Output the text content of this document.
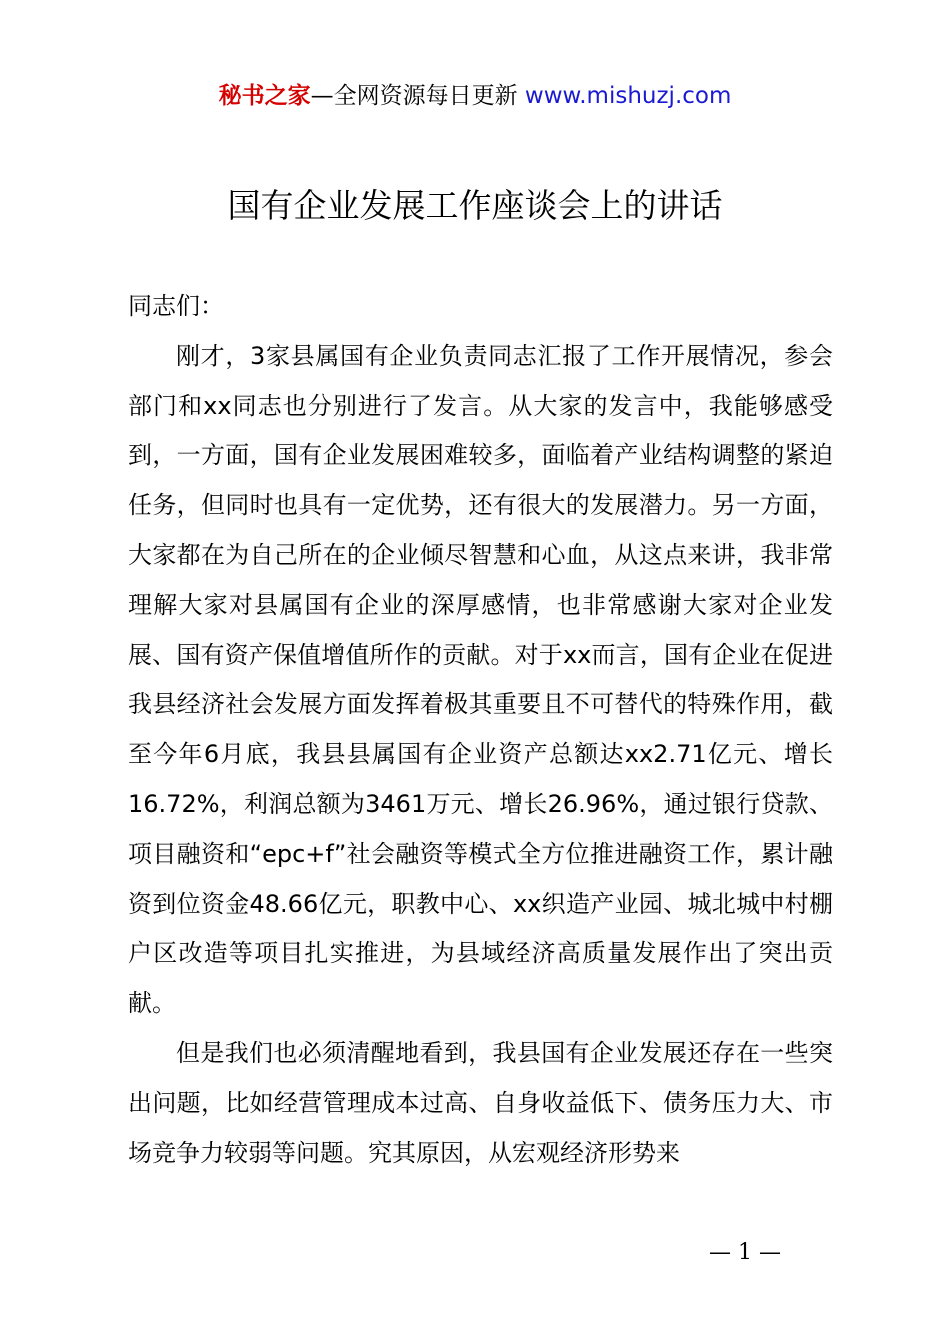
秘书之家—全网资源每日更新 www.mishuzj.com
国有企业发展工作座谈会上的讲话

同志们：

刚才，3家县属国有企业负责同志汇报了工作开展情况，参会部门和xx同志也分别进行了发言。从大家的发言中，我能够感受到，一方面，国有企业发展困难较多，面临着产业结构调整的紧迫任务，但同时也具有一定优势，还有很大的发展潜力。另一方面，大家都在为自己所在的企业倾尽智慧和心血，从这点来讲，我非常理解大家对县属国有企业的深厚感情，也非常感谢大家对企业发展、国有资产保值增值所作的贡献。对于xx而言，国有企业在促进我县经济社会发展方面发挥着极其重要且不可替代的特殊作用，截至今年6月底，我县县属国有企业资产总额达xx2.71亿元、增长16.72%，利润总额为3461万元、增长26.96%，通过银行贷款、项目融资和“epc+f”社会融资等模式全方位推进融资工作，累计融资到位资金48.66亿元，职教中心、xx织造产业园、城北城中村棚户区改造等项目扎实推进，为县域经济高质量发展作出了突出贡献。

但是我们也必须清醒地看到，我县国有企业发展还存在一些突出问题，比如经营管理成本过高、自身收益低下、债务压力大、市场竞争力较弱等问题。究其原因，从宏观经济形势来

— 1 —
